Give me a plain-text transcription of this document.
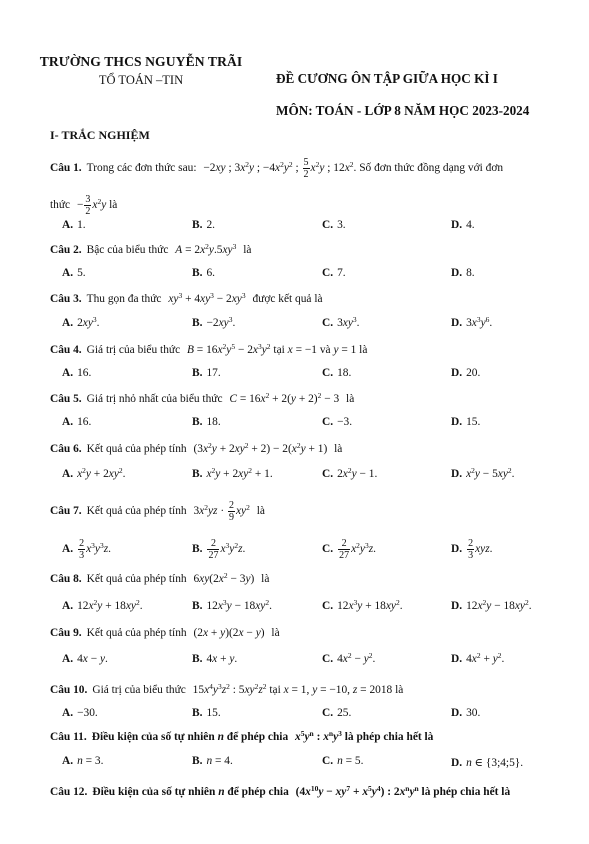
TRƯỜNG THCS NGUYỄN TRÃI
TỔ TOÁN –TIN	ĐỀ CƯƠNG ÔN TẬP GIỮA HỌC KÌ I
MÔN: TOÁN - LỚP 8 NĂM HỌC 2023-2024
I- TRẮC NGHIỆM
Câu 1. Trong các đơn thức sau: −2xy ; $3x^2y$ ; $-4x^2y^2$ ; $\frac{5}{2} x^2y$ ; $12x^2$. Số đơn thức đồng dạng với đơn
thức − $\frac{3}{2} x^2y$ là
A. 1.	B. 2.	C. 3.	D. 4.
Câu 2. Bậc của biểu thức $A = 2x^2y.5xy^3$ là
A. 5.	B. 6.	C. 7.	D. 8.
Câu 3. Thu gọn đa thức $xy^3 + 4xy^3 - 2xy^3$ được kết quả là
A. $2xy^3$.	B. $-2xy^3$.	C. $3xy^3$.	D. $3x^3y^6$.
Câu 4. Giá trị của biểu thức $B = 16x^2y^5 - 2x^3y^2$ tại x = −1 và y = 1 là
A. 16.	B. 17.	C. 18.	D. 20.
Câu 5. Giá trị nhỏ nhất của biểu thức $C = 16x^2 + 2(y + 2)^2 - 3$ là
A. 16.	B. 18.	C. −3.	D. 15.
Câu 6. Kết quả của phép tính $(3x^2y + 2xy^2 + 2) - 2(x^2y + 1)$ là
A. $x^2y + 2xy^2$.	B. $x^2y + 2xy^2 + 1$.	C. $2x^2y - 1$.	D. $x^2y - 5xy^2$.
Câu 7. Kết quả của phép tính $3x^2yz \cdot \frac{2}{9} xy^2$ là
A. $\frac{2}{3} x^3y^3z$.	B. $\frac{2}{27} x^3y^2z$.	C. $\frac{2}{27} x^2y^3z$.	D. $\frac{2}{3}$ xyz.
Câu 8. Kết quả của phép tính $6xy(2x^2 - 3y)$ là
A. $12x^2y + 18xy^2$.	B. $12x^3y - 18xy^2$.	C. $12x^3y + 18xy^2$.	D. $12x^2y - 18xy^2$.
Câu 9. Kết quả của phép tính (2x + y)(2x − y) là
A. 4x − y.	B. 4x + y.	C. $4x^2 - y^2$.	D. $4x^2 + y^2$.
Câu 10. Giá trị của biểu thức $15x^4y^3z^2$ : $5xy^2z^2$ tại x = 1, y = −10, z = 2018 là
A. −30.	B. 15.	C. 25.	D. 30.
Câu 11. Điều kiện của số tự nhiên n để phép chia $x^5y^n$ : $x^ny^3$ là phép chia hết là
A. n = 3.	B. n = 4.	C. n = 5.	D. n ∈ {3;4;5}.
Câu 12. Điều kiện của số tự nhiên n để phép chia $(4x^{10}y - xy^7 + x^5y^4)$ : $2x^ny^n$ là phép chia hết là
